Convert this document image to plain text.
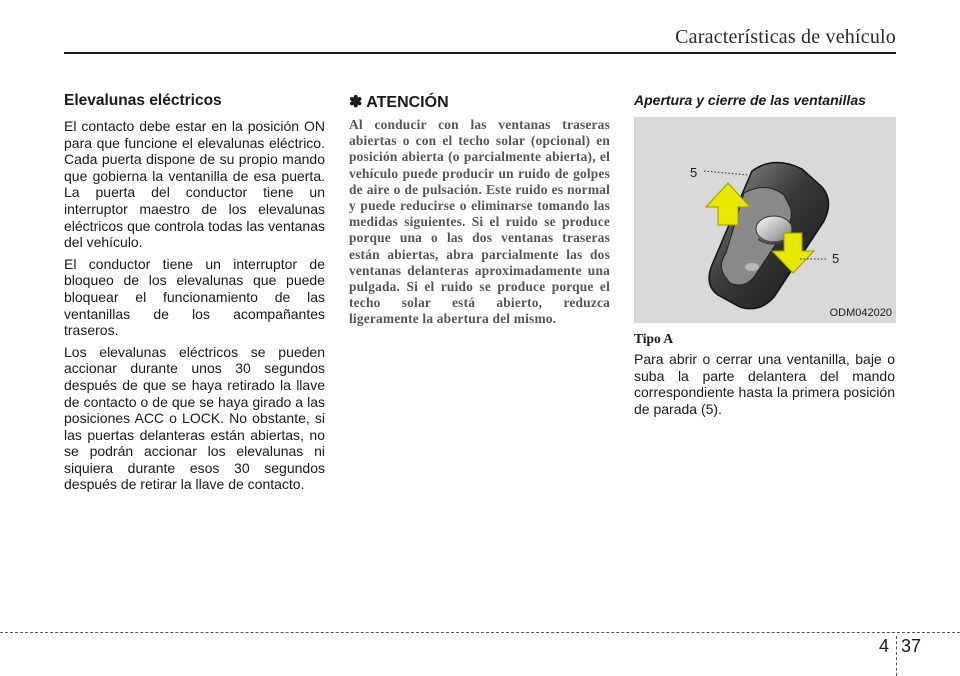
Características de vehículo
Elevalunas eléctricos

El contacto debe estar en la posición ON para que funcione el elevalunas eléctrico. Cada puerta dispone de su propio mando que gobierna la ventanilla de esa puerta. La puerta del conductor tiene un interruptor maestro de los elevalunas eléctricos que controla todas las ventanas del vehículo.

El conductor tiene un interruptor de bloqueo de los elevalunas que puede bloquear el funcionamiento de las ventanillas de los acompañantes traseros.

Los elevalunas eléctricos se pueden accionar durante unos 30 segundos después de que se haya retirado la llave de contacto o de que se haya girado a las posiciones ACC o LOCK. No obstante, si las puertas delanteras están abiertas, no se podrán accionar los elevalunas ni siquiera durante esos 30 segundos después de retirar la llave de contacto.

✽ ATENCIÓN

Al conducir con las ventanas traseras abiertas o con el techo solar (opcional) en posición abierta (o parcialmente abierta), el vehículo puede producir un ruido de golpes de aire o de pulsación. Este ruido es normal y puede reducirse o eliminarse tomando las medidas siguientes. Si el ruido se produce porque una o las dos ventanas traseras están abiertas, abra parcialmente las dos ventanas delanteras aproximadamente una pulgada. Si el ruido se produce porque el techo solar está abierto, reduzca ligeramente la abertura del mismo.

Apertura y cierre de las ventanillas
5
5
ODM042020
Tipo A

Para abrir o cerrar una ventanilla, baje o suba la parte delantera del mando correspondiente hasta la primera posición de parada (5).

4 37
